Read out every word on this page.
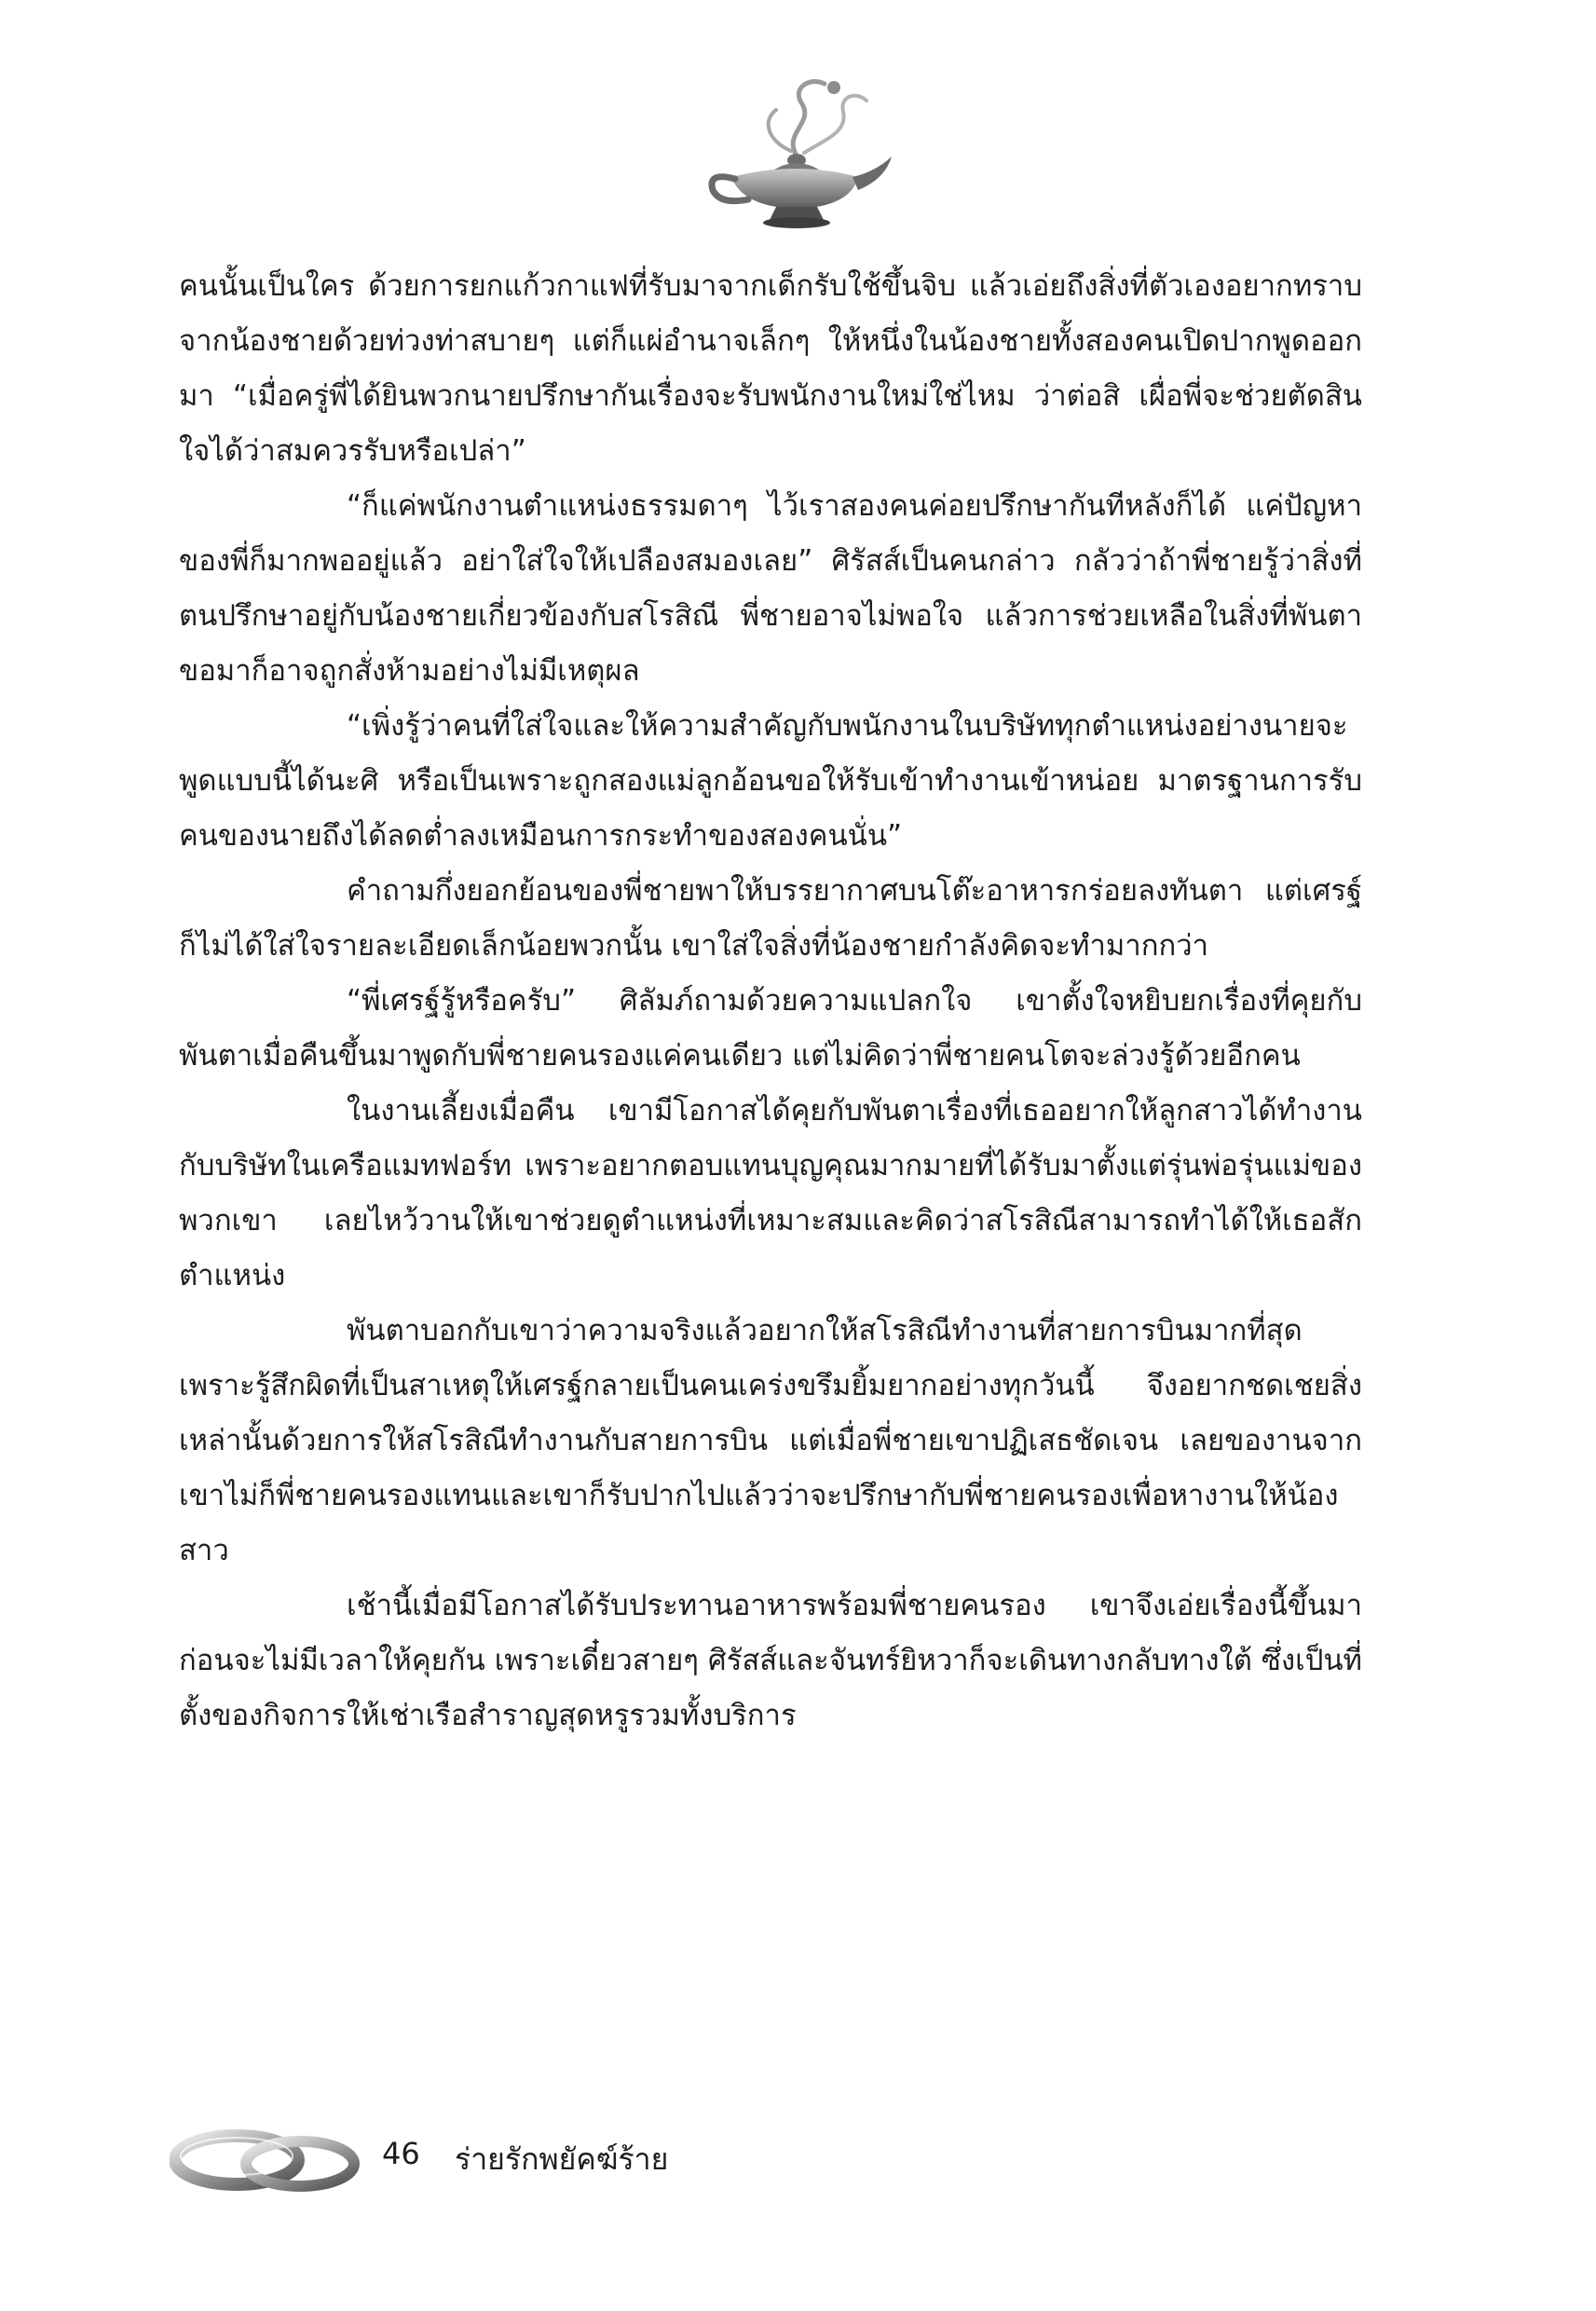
คนนั้นเป็นใคร ด้วยการยกแก้วกาแฟที่รับมาจากเด็กรับใช้ขึ้นจิบ แล้วเอ่ยถึงสิ่งที่ตัวเองอยากทราบจากน้องชายด้วยท่วงท่าสบายๆ แต่ก็แผ่อำนาจเล็กๆ ให้หนึ่งในน้องชายทั้งสองคนเปิดปากพูดออกมา “เมื่อครู่พี่ได้ยินพวกนายปรึกษากันเรื่องจะรับพนักงานใหม่ใช่ไหม ว่าต่อสิ เผื่อพี่จะช่วยตัดสินใจได้ว่าสมควรรับหรือเปล่า”

“ก็แค่พนักงานตำแหน่งธรรมดาๆ ไว้เราสองคนค่อยปรึกษากันทีหลังก็ได้ แค่ปัญหาของพี่ก็มากพออยู่แล้ว อย่าใส่ใจให้เปลืองสมองเลย” ศิรัสส์เป็นคนกล่าว กลัวว่าถ้าพี่ชายรู้ว่าสิ่งที่ตนปรึกษาอยู่กับน้องชายเกี่ยวข้องกับสโรสิณี พี่ชายอาจไม่พอใจ แล้วการช่วยเหลือในสิ่งที่พันตาขอมาก็อาจถูกสั่งห้ามอย่างไม่มีเหตุผล

“เพิ่งรู้ว่าคนที่ใส่ใจและให้ความสำคัญกับพนักงานในบริษัททุกตำแหน่งอย่างนายจะพูดแบบนี้ได้นะศิ หรือเป็นเพราะถูกสองแม่ลูกอ้อนขอให้รับเข้าทำงานเข้าหน่อย มาตรฐานการรับคนของนายถึงได้ลดต่ำลงเหมือนการกระทำของสองคนนั่น”

คำถามกึ่งยอกย้อนของพี่ชายพาให้บรรยากาศบนโต๊ะอาหารกร่อยลงทันตา แต่เศรฐ์ก็ไม่ได้ใส่ใจรายละเอียดเล็กน้อยพวกนั้น เขาใส่ใจสิ่งที่น้องชายกำลังคิดจะทำมากกว่า

“พี่เศรฐ์รู้หรือครับ” ศิลัมภ์ถามด้วยความแปลกใจ เขาตั้งใจหยิบยกเรื่องที่คุยกับพันตาเมื่อคืนขึ้นมาพูดกับพี่ชายคนรองแค่คนเดียว แต่ไม่คิดว่าพี่ชายคนโตจะล่วงรู้ด้วยอีกคน

ในงานเลี้ยงเมื่อคืน เขามีโอกาสได้คุยกับพันตาเรื่องที่เธออยากให้ลูกสาวได้ทำงานกับบริษัทในเครือแมทฟอร์ท เพราะอยากตอบแทนบุญคุณมากมายที่ได้รับมาตั้งแต่รุ่นพ่อรุ่นแม่ของพวกเขา เลยไหว้วานให้เขาช่วยดูตำแหน่งที่เหมาะสมและคิดว่าสโรสิณีสามารถทำได้ให้เธอสักตำแหน่ง

พันตาบอกกับเขาว่าความจริงแล้วอยากให้สโรสิณีทำงานที่สายการบินมากที่สุด เพราะรู้สึกผิดที่เป็นสาเหตุให้เศรฐ์กลายเป็นคนเคร่งขรึมยิ้มยากอย่างทุกวันนี้ จึงอยากชดเชยสิ่งเหล่านั้นด้วยการให้สโรสิณีทำงานกับสายการบิน แต่เมื่อพี่ชายเขาปฏิเสธชัดเจน เลยของานจากเขาไม่ก็พี่ชายคนรองแทนและเขาก็รับปากไปแล้วว่าจะปรึกษากับพี่ชายคนรองเพื่อหางานให้น้องสาว

เช้านี้เมื่อมีโอกาสได้รับประทานอาหารพร้อมพี่ชายคนรอง เขาจึงเอ่ยเรื่องนี้ขึ้นมาก่อนจะไม่มีเวลาให้คุยกัน เพราะเดี๋ยวสายๆ ศิรัสส์และจันทร์ยิหวาก็จะเดินทางกลับทางใต้ ซึ่งเป็นที่ตั้งของกิจการให้เช่าเรือสำราญสุดหรูรวมทั้งบริการ

46 ร่ายรักพยัคฆ์ร้าย
